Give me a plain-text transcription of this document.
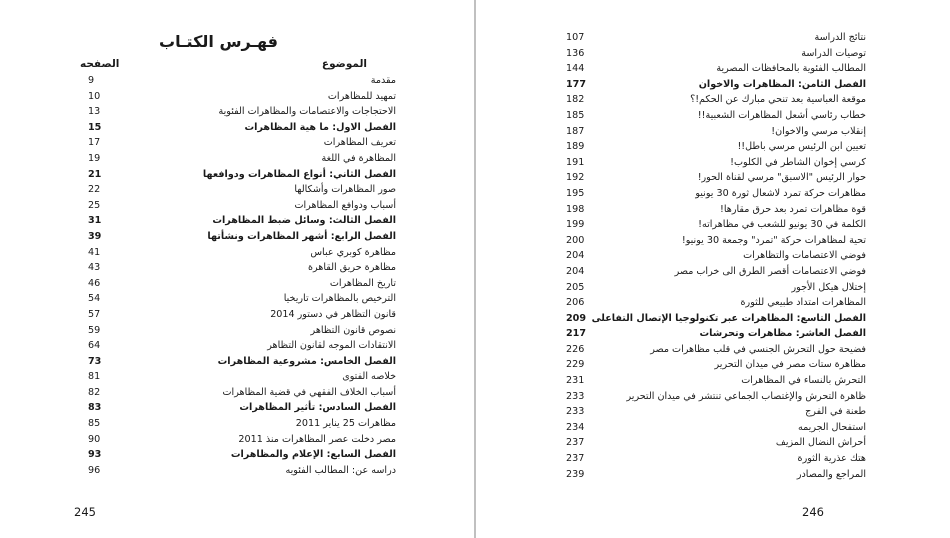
فهـرس الكتـاب
الموضوع
الصفحه
مقدمة
9
تمهيد للمظاهرات
10
الاحتجاجات والاعتصامات والمظاهرات الفئوية
13
الفصل الاول: ما هية المظاهرات
15
تعريف المظاهرات
17
المظاهرة في اللغة
19
الفصل الثاني: أنواع المظاهرات ودوافعها
21
صور المظاهرات وأشكالها
22
أسباب ودوافع المظاهرات
25
الفصل الثالث: وسائل ضبط المظاهرات
31
الفصل الرابع: أشهر المظاهرات ونشأتها
39
مظاهرة كوبري عباس
41
مظاهرة حريق القاهرة
43
تاريخ المظاهرات
46
الترخيص بالمظاهرات تاريخيا
54
قانون التظاهر في دستور 2014
57
نصوص قانون التظاهر
59
الانتقادات الموجه لقانون التظاهر
64
الفصل الخامس: مشروعية المظاهرات
73
خلاصه الفتوى
81
أسباب الخلاف الفقهي في قضية المظاهرات
82
الفصل السادس: تأثير المظاهرات
83
مظاهرات 25 يناير 2011
85
مصر دخلت عصر المظاهرات منذ 2011
90
الفصل السابع: الإعلام والمظاهرات
93
دراسه عن: المطالب الفئويه
96
245
نتائج الدراسة
107
توصيات الدراسة
136
المطالب الفئوية بالمحافظات المصرية
144
الفصل الثامن: المظاهرات والاخوان
177
موقعة العباسية بعد تنحي مبارك عن الحكم!؟
182
خطاب رئاسي أشعل المظاهرات الشعبية!!
185
إنقلاب مرسي والاخوان!
187
تعيين ابن الرئيس مرسي باطل!!
189
كرسي إخوان الشاطر في الكلوب!
191
حوار الرئيس "الاسبق" مرسي لقناة الحور!
192
مظاهرات حركة تمرد لاشعال ثورة 30 يونيو
195
قوة مظاهرات تمرد بعد حرق مقارها!
198
الكلمة في 30 يونيو للشعب في مظاهراته!
199
تحية لمظاهرات حركة "تمرد" وجمعة 30 يونيو!
200
فوضي الاعتصامات والتظاهرات
204
فوضي الاعتصامات أقصر الطرق الى خراب مصر
204
إختلال هيكل الأجور
205
المظاهرات امتداد طبيعي للثورة
206
الفصل التاسع: المظاهرات عبر تكنولوجيا الإتصال التفاعلى
209
الفصل العاشر: مظاهرات وتحرشات
217
فضيحة حول التحرش الجنسي في قلب مظاهرات مصر
226
مظاهرة ستات مصر في ميدان التحرير
229
التحرش بالنساء في المظاهرات
231
ظاهرة التحرش والإغتصاب الجماعي تنتشر في ميدان التحرير
233
طعنة في الفرج
233
استفحال الجريمه
234
أحراش النضال المزيف
237
هتك عذرية الثورة
237
المراجع والمصادر
239
246
